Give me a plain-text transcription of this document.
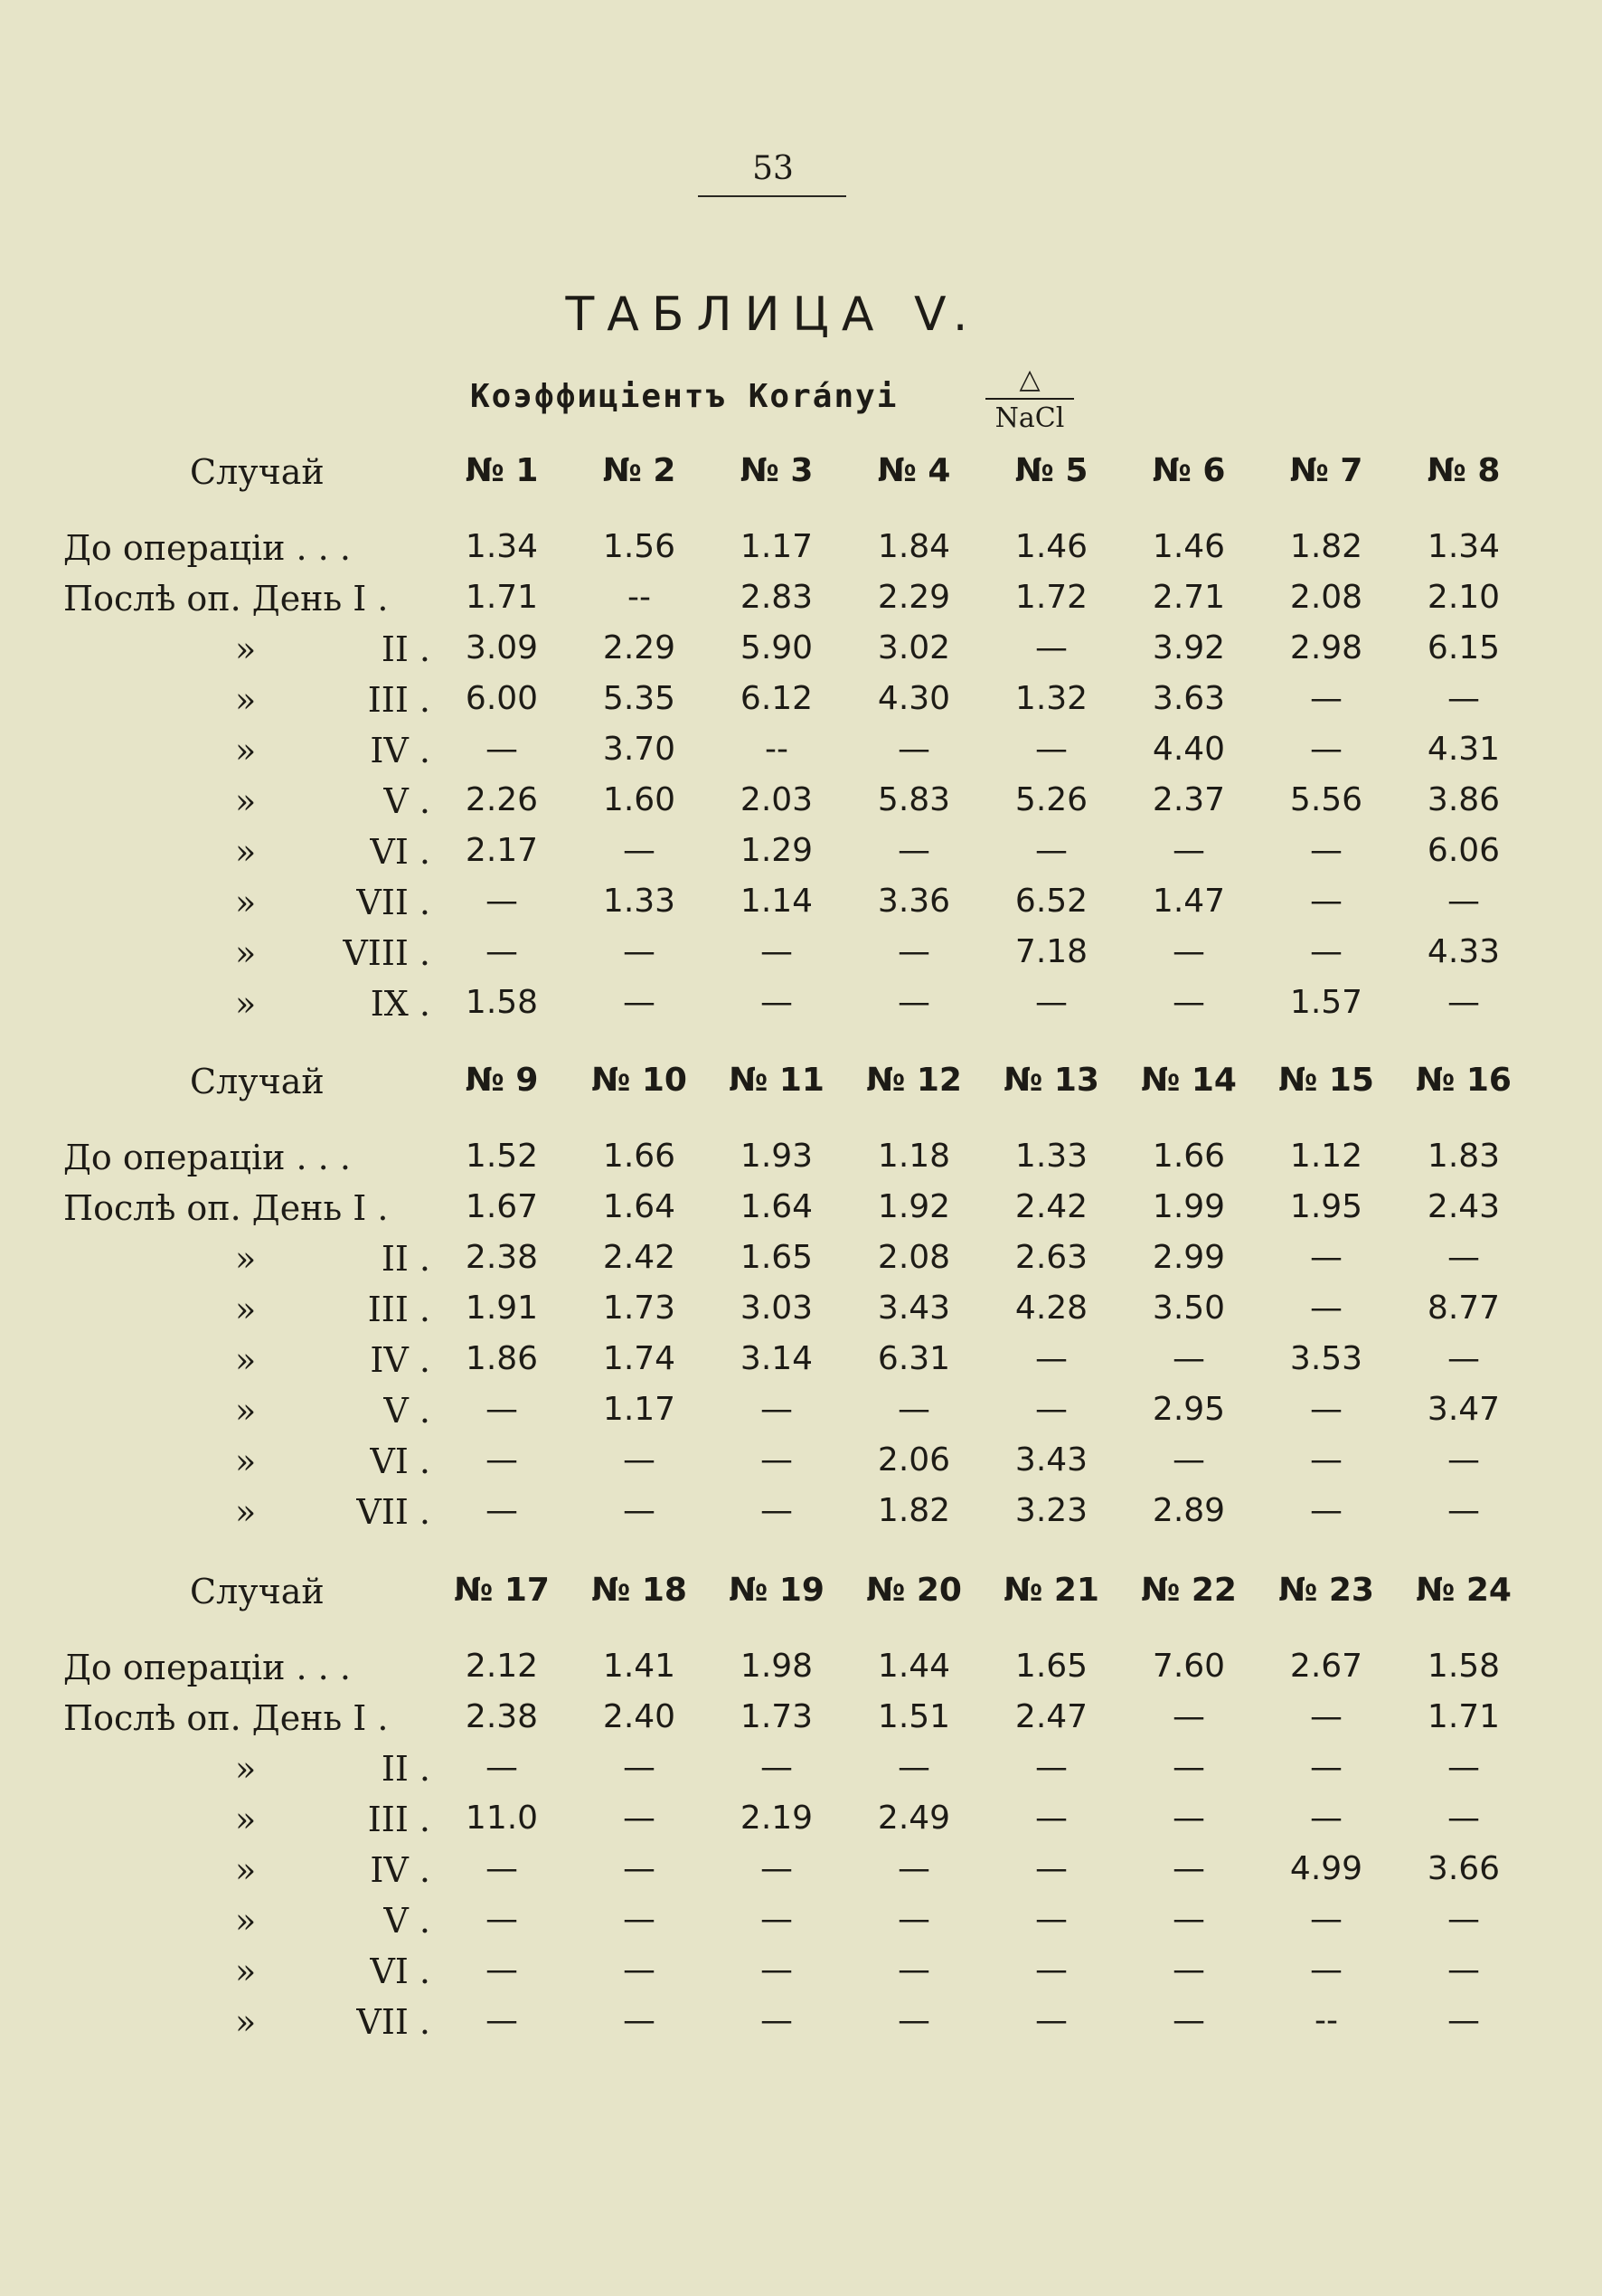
53
ТАБЛИЦА V.
Коэффиціентъ Korányi	△
NaCl
Случай	№ 1	№ 2	№ 3	№ 4	№ 5	№ 6	№ 7	№ 8
До операціи . . .	1.34	1.56	1.17	1.84	1.46	1.46	1.82	1.34
Послѣ оп. День I .	1.71	--	2.83	2.29	1.72	2.71	2.08	2.10
»	II .	3.09	2.29	5.90	3.02	—	3.92	2.98	6.15
»	III .	6.00	5.35	6.12	4.30	1.32	3.63	—	—
»	IV .	—	3.70	--	—	—	4.40	—	4.31
»	V .	2.26	1.60	2.03	5.83	5.26	2.37	5.56	3.86
»	VI .	2.17	—	1.29	—	—	—	—	6.06
»	VII .	—	1.33	1.14	3.36	6.52	1.47	—	—
»	VIII .	—	—	—	—	7.18	—	—	4.33
»	IX .	1.58	—	—	—	—	—	1.57	—
Случай	№ 9	№ 10	№ 11	№ 12	№ 13	№ 14	№ 15	№ 16
До операціи . . .	1.52	1.66	1.93	1.18	1.33	1.66	1.12	1.83
Послѣ оп. День I .	1.67	1.64	1.64	1.92	2.42	1.99	1.95	2.43
»	II .	2.38	2.42	1.65	2.08	2.63	2.99	—	—
»	III .	1.91	1.73	3.03	3.43	4.28	3.50	—	8.77
»	IV .	1.86	1.74	3.14	6.31	—	—	3.53	—
»	V .	—	1.17	—	—	—	2.95	—	3.47
»	VI .	—	—	—	2.06	3.43	—	—	—
»	VII .	—	—	—	1.82	3.23	2.89	—	—
Случай	№ 17	№ 18	№ 19	№ 20	№ 21	№ 22	№ 23	№ 24
До операціи . . .	2.12	1.41	1.98	1.44	1.65	7.60	2.67	1.58
Послѣ оп. День I .	2.38	2.40	1.73	1.51	2.47	—	—	1.71
»	II .	—	—	—	—	—	—	—	—
»	III .	11.0	—	2.19	2.49	—	—	—	—
»	IV .	—	—	—	—	—	—	4.99	3.66
»	V .	—	—	—	—	—	—	—	—
»	VI .	—	—	—	—	—	—	—	—
»	VII .	—	—	—	—	—	—	--	—
